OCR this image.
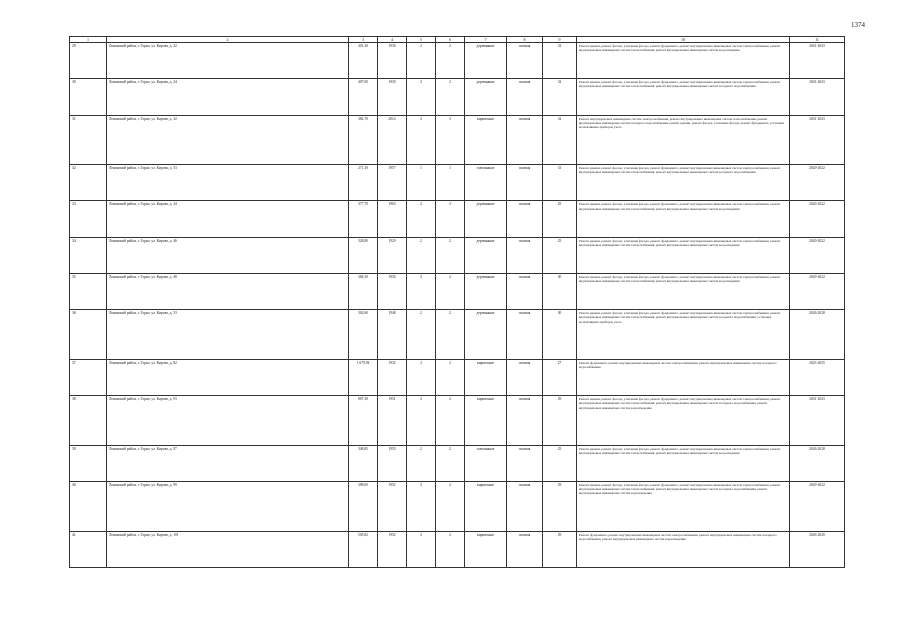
1374
1	2	3	4	5	6	7	8	9	10	11
29	Ленинский район, г. Горно, ул. Кирова, д. 22	401,30	1930	2	2	деревянные	скатная	32	Ремонт крыши, ремонт фасада, утепление фасада, ремонт фундамента, ремонт внутридомовых инженерных систем электроснабжения, ремонт внутридомовых инженерных систем теплоснабжения, ремонт внутридомовых инженерных систем водоотведения	2041-2043
30	Ленинский район, г. Горно, ул. Кирова, д. 24	407,00	1930	2	2	деревянные	скатная	32	Ремонт крыши, ремонт фасада, утепление фасада, ремонт фундамента, ремонт внутридомовых инженерных систем электроснабжения, ремонт внутридомовых инженерных систем теплоснабжения, ремонт внутридомовых инженерных систем холодного водоснабжения	2041-2043
31	Ленинский район, г. Горно, ул. Кирова, д. 32	382,70	2014	2	3	кирпичные	скатная	32	Ремонт внутридомовых инженерных систем электроснабжения, ремонт внутридомовых инженерных систем теплоснабжения, ремонт внутридомовых инженерных систем холодного водоснабжения, ремонт крыши, ремонт фасада, утепление фасада, ремонт фундамента, установка коллективных приборов учета	2041-2043
32	Ленинский район, г. Горно, ул. Кирова, д. 53	271,10	1957	1	1	смешанные	скатная	31	Ремонт крыши, ремонт фасада, утепление фасада, ремонт фундамента, ремонт внутридомовых инженерных систем электроснабжения, ремонт внутридомовых инженерных систем теплоснабжения, ремонт внутридомовых инженерных систем холодного водоснабжения	2020-2022
33	Ленинский район, г. Горно, ул. Кирова, д. 44	377,70	1965	2	3	деревянные	скатная	25	Ремонт крыши, ремонт фасада, утепление фасада, ремонт фундамента, ремонт внутридомовых инженерных систем электроснабжения, ремонт внутридомовых инженерных систем теплоснабжения, ремонт внутридомовых инженерных систем водоотведения	2020-2022
34	Ленинский район, г. Горно, ул. Кирова, д. 46	328,00	1929	2	2	деревянные	скатная	25	Ремонт крыши, ремонт фасада, утепление фасада, ремонт фундамента, ремонт внутридомовых инженерных систем электроснабжения, ремонт внутридомовых инженерных систем теплоснабжения, ремонт внутридомовых инженерных систем водоотведения	2020-2022
35	Ленинский район, г. Горно, ул. Кирова, д. 48	384,30	1930	2	2	деревянные	скатная	30	Ремонт крыши, ремонт фасада, утепление фасада, ремонт фундамента, ремонт внутридомовых инженерных систем электроснабжения, ремонт внутридомовых инженерных систем теплоснабжения, ремонт внутридомовых инженерных систем водоотведения	2020-2022
36	Ленинский район, г. Горно, ул. Кирова, д. 53	302,60	1948	2	2	деревянные	скатная	30	Ремонт крыши, ремонт фасада, утепление фасада, ремонт фундамента, ремонт внутридомовых инженерных систем электроснабжения, ремонт внутридомовых инженерных систем теплоснабжения, ремонт внутридомовых инженерных систем холодного водоснабжения, установка коллективных приборов учета	2026-2028
37	Ленинский район, г. Горно, ул. Кирова, д. 82	1 679,94	1932	2	2	кирпичные	скатная	27	Ремонт фундамента, ремонт внутридомовых инженерных систем электроснабжения, ремонт внутридомовых инженерных систем холодного водоснабжения	2023-2025
38	Ленинский район, г. Горно, ул. Кирова, д. 93	807,30	1951	2	2	кирпичные	скатная	29	Ремонт крыши, ремонт фасада, утепление фасада, ремонт фундамента, ремонт внутридомовых инженерных систем электроснабжения, ремонт внутридомовых инженерных систем теплоснабжения, ремонт внутридомовых инженерных систем холодного водоснабжения, ремонт внутридомовых инженерных систем водоотведения	2041-2043
39	Ленинский район, г. Горно, ул. Кирова, д. 97	348,85	1955	2	2	смешанные	скатная	25	Ремонт крыши, ремонт фасада, утепление фасада, ремонт фундамента, ремонт внутридомовых инженерных систем электроснабжения, ремонт внутридомовых инженерных систем теплоснабжения, ремонт внутридомовых инженерных систем водоотведения	2026-2028
40	Ленинский район, г. Горно, ул. Кирова, д. 99	398,00	1952	2	2	кирпичные	скатная	29	Ремонт крыши, ремонт фасада, утепление фасада, ремонт фундамента, ремонт внутридомовых инженерных систем электроснабжения, ремонт внутридомовых инженерных систем теплоснабжения, ремонт внутридомовых инженерных систем холодного водоснабжения, ремонт внутридомовых инженерных систем водоотведения	2020-2022
41	Ленинский район, г. Горно, ул. Кирова, д. 101	505,82	1952	2	2	кирпичные	скатная	29	Ремонт фундамента, ремонт внутридомовых инженерных систем электроснабжения, ремонт внутридомовых инженерных систем холодного водоснабжения, ремонт внутридомовых инженерных систем водоотведения	2026-2028
